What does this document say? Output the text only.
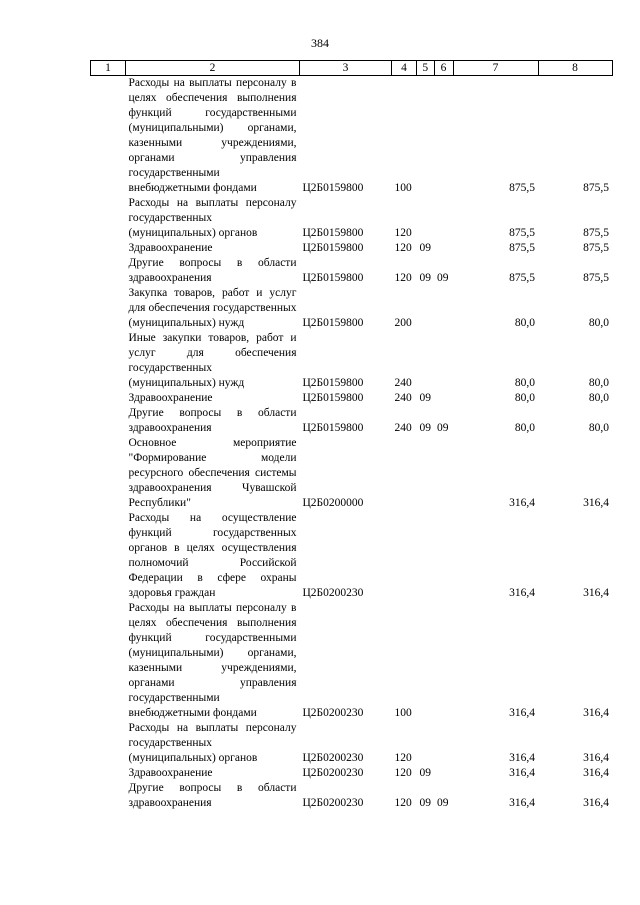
384
1	2	3	4	5	6	7	8
	Расходы на выплаты персоналу в целях обеспечения выполнения функций государственными (муниципальными) органами, казенными учреждениями, органами управления государственными внебюджетными фондами	Ц2Б0159800	100			875,5	875,5
	Расходы на выплаты персоналу государственных (муниципальных) органов	Ц2Б0159800	120			875,5	875,5
	Здравоохранение	Ц2Б0159800	120	09		875,5	875,5
	Другие вопросы в области здравоохранения	Ц2Б0159800	120	09	09	875,5	875,5
	Закупка товаров, работ и услуг для обеспечения государственных (муниципальных) нужд	Ц2Б0159800	200			80,0	80,0
	Иные закупки товаров, работ и услуг для обеспечения государственных (муниципальных) нужд	Ц2Б0159800	240			80,0	80,0
	Здравоохранение	Ц2Б0159800	240	09		80,0	80,0
	Другие вопросы в области здравоохранения	Ц2Б0159800	240	09	09	80,0	80,0
	Основное мероприятие "Формирование модели ресурсного обеспечения системы здравоохранения Чувашской Республики"	Ц2Б0200000				316,4	316,4
	Расходы на осуществление функций государственных органов в целях осуществления полномочий Российской Федерации в сфере охраны здоровья граждан	Ц2Б0200230				316,4	316,4
	Расходы на выплаты персоналу в целях обеспечения выполнения функций государственными (муниципальными) органами, казенными учреждениями, органами управления государственными внебюджетными фондами	Ц2Б0200230	100			316,4	316,4
	Расходы на выплаты персоналу государственных (муниципальных) органов	Ц2Б0200230	120			316,4	316,4
	Здравоохранение	Ц2Б0200230	120	09		316,4	316,4
	Другие вопросы в области здравоохранения	Ц2Б0200230	120	09	09	316,4	316,4
